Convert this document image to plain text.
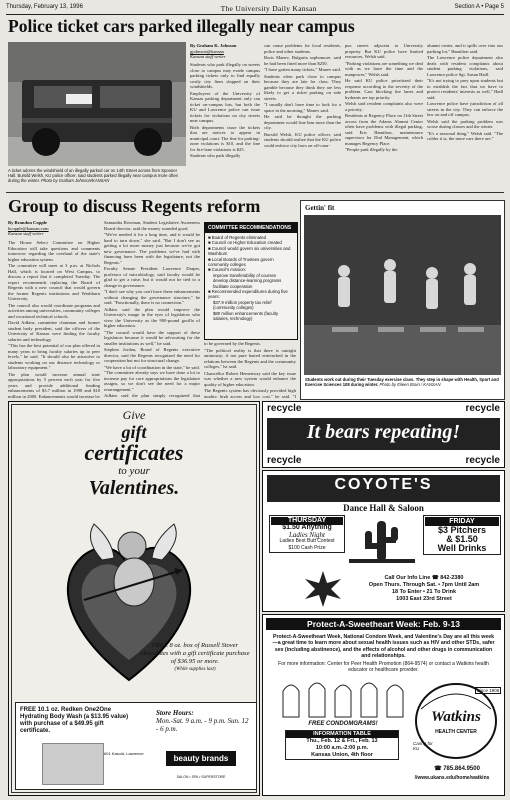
Thursday, February 13, 1996	The University Daily Kansan	Section A • Page 5
Police ticket cars parked illegally near campus
A ticket adorns the windshield of an illegally parked car on 14th Street across from Spooner Hall. Bursild Welsh, KU police officer, said students parked illegally near campus more often during the winter. Photo by Graham Johnson/KANSAN
By Graham K. Johnson
gjohnson@kansan
Kansan staff writer

Students who park illegally on streets close to campus may evade campus parking tickets only to find equally costly city fines slapped on their windshields.

Employees of the University of Kansas parking department only can ticket on-campus lots, but both the KU and Lawrence police can issue tickets for violations on city streets near campus.

Both departments issue the tickets that are notices to appear in municipal court. The fine for parking-zone violations is $10, and the fine for fire-lane violations is $25.

Students who park illegally

can cause problems for local residents, police and other students.

Boris Manev, Bulgaria sophomore, said he had been fined more than $250.

"I have gotten many tickets," Manev said.

Students often park close to campus because they are late for class. They gamble because they think they are less likely to get a ticket parking on side streets.

"I usually don't have time to look for a space in the morning," Manev said.

He said he thought the parking department would fine him more than the city.

Bursild Welsh, KU police officer, said students should realize that the KU police could enforce city laws on off-cam-

pus streets adjacent to University property. But KU police have limited resources, Welsh said.

"Parking violations are something we deal with as we have the time and the manpower," Welsh said.

He said KU police prioritized their response according to the severity of the problem. Cars blocking fire lanes and hydrants are top priority.

Welsh said resident complaints also were a priority.

Residents at Regency Place on 11th Street across from the Adams Alumni Center often have problems with illegal parking, said Eric Hamilton, maintenance supervisor for Dial Management, which manages Regency Place.

"People park illegally by the

alumni center, and it spills over into our parking lot," Hamilton said.

The Lawrence police department also deals with resident complaints about student parking violations, said Lawrence police Sgt. Susan Hadl.

"It's not trying to prey upon students but to establish the fact that we have to protect residents' interests as well," Hadl said.

Lawrence police have jurisdiction of all streets in the city. They can enforce the law on and off campus.

Welsh said the parking problem was worse during classes and the winter.

"It's a seasonal thing," Welsh said. "The colder it is, the more cars there are."

Group to discuss Regents reform
By Brandon Copple
bcopple@kansan.com
Kansan staff writer

The House Select Committee on Higher Education will take questions and comments tomorrow regarding the overhaul of the state's higher education system.

The committee will meet at 3 p.m. at Nichols Hall, which is located on West Campus, to discuss a report that it completed Tuesday. The report recommends replacing the Board of Regents with a new council that would govern the former Regents institutions and Washburn University.

The council also would coordinate programs and activities among universities, community colleges and vocational technical schools.

David Adkins, committee chairman and former student body president, said the officers of the University of Kansas were finding the faculty salaries and technology.

"This has the best potential of our plan offered in many years to bring faculty salaries up to peer levels," he said. "It should also be attractive to students working on our distance technology or laboratory equipment."

The plan would increase annual state appropriations by 5 percent each year for five years and provide additional funding enhancements of $3.7 million in 1998 and $10 million in 2000. Enhancements would increase by

Samantha Bowman, Student Legislative Awareness Board director, said the money sounded good.

"We've needed it for a long time, and it would be hard to turn down," she said. "But I don't see us getting a lot more money just because we've got new governance. The problems we've had with financing have been with the legislature, not the Regents."

Faculty Senate President Lawrence Draper, professor of microbiology, said faculty would be glad to get a raise, but it would not be tied to a change in governance.

"I don't see why you can't have these enhancements without changing the governance structure," he said. "Functionally, there is no connection."

Adkins said the plan would improve the University's image in the eyes of legislators who view the University as the 900-pound gorilla of higher education.

"The council would have the support of these legislators because it would be advocating for the smaller institutions as well," he said.

Stephen Jordan, Board of Regents executive director, said the Regents recognized the need for cooperation but not for structural change.

"We have a lot of coordination in the state," he said. "The committee already says we have done a lot to increase pay for core appropriations the legislature assigns, so we don't see the need for a major rearrangement."

Adkins said the plan simply recognized that

COMMITTEE RECOMMENDATIONS
■ Board of Regents eliminated
■ Council on Higher Education created
■ Council would govern six universities and Washburn
■ Local Boards of Trustees govern community colleges
■ Council's mission:
improve transferability of courses
develop distance-learning programs
facilitate cooperation
■ Recommended expenditures during five years:
$37.9 million property tax relief (community colleges)
$80 million enhancements (faculty salaries, technology)

to be governed by the Regents.

"The political reality is that there is outright animosity; if not pure hatred entrenched in the relations between the Regents and the community colleges," he said.

Chancellor Robert Hemenway said the key issue was whether a new system would enhance the quality of higher education.

The Regents system has obviously provided high quality, high access and low cost," he said. "I

Gettin' fit
Students work out during their Tuesday exercise class. They step in shape with Health, Sport and Exercise Sciences 108 during winter. Photo by Eileen Brain / KANSAN
Give
gift
certificates
to your
Valentines.
FREE 8 oz. box of Russell Stover chocolates with a gift certificate purchase of $36.95 or more.
(While supplies last)
FREE 10.1 oz. Redken One2One Hydrating Body Wash (a $13.95 value) with purchase of a $49.95 gift certificate.
601 Kasold, Lawrence
Store Hours:
Mon.-Sat. 9 a.m. - 9 p.m. Sun. 12 - 6 p.m.
beauty brands
SALON • SPA • SUPERSTORE
recycle	recycle
recycle	recycle
It bears repeating!
COYOTE'S
Dance Hall & Saloon
THURSDAY
$1.50 Anything
Ladies Night
Ladies Best Butt Contest
$100 Cash Prize
FRIDAY
$3 Pitchers
& $1.50
Well Drinks
Call Our Info Line ☎ 842-2380
Open Thurs. Through Sat. • 7pm Until 2am
18 To Enter • 21 To Drink
1003 East 23rd Street
Protect-A-Sweetheart Week: Feb. 9-13
Protect-A-Sweetheart Week, National Condom Week, and Valentine's Day are all this week—a great time to learn more about sexual health issues such as HIV and other STDs, safer sex (including abstinence), and the effects of alcohol and other drugs in communication and relationships.
For more information: Center for Peer Health Promotion (864-9574) or contact a Watkins health educator or healthcare provider.
FREE CONDOMGRAMS!
INFORMATION TABLE
Thu., Feb. 12 & Fri., Feb. 13
10:00 a.m.-2:00 p.m.
Kansas Union, 4th floor
Watkins
HEALTH CENTER
Caring for KU
Since 1906
☎ 785.864.9500
//www.ukans.edu/home/watkins
